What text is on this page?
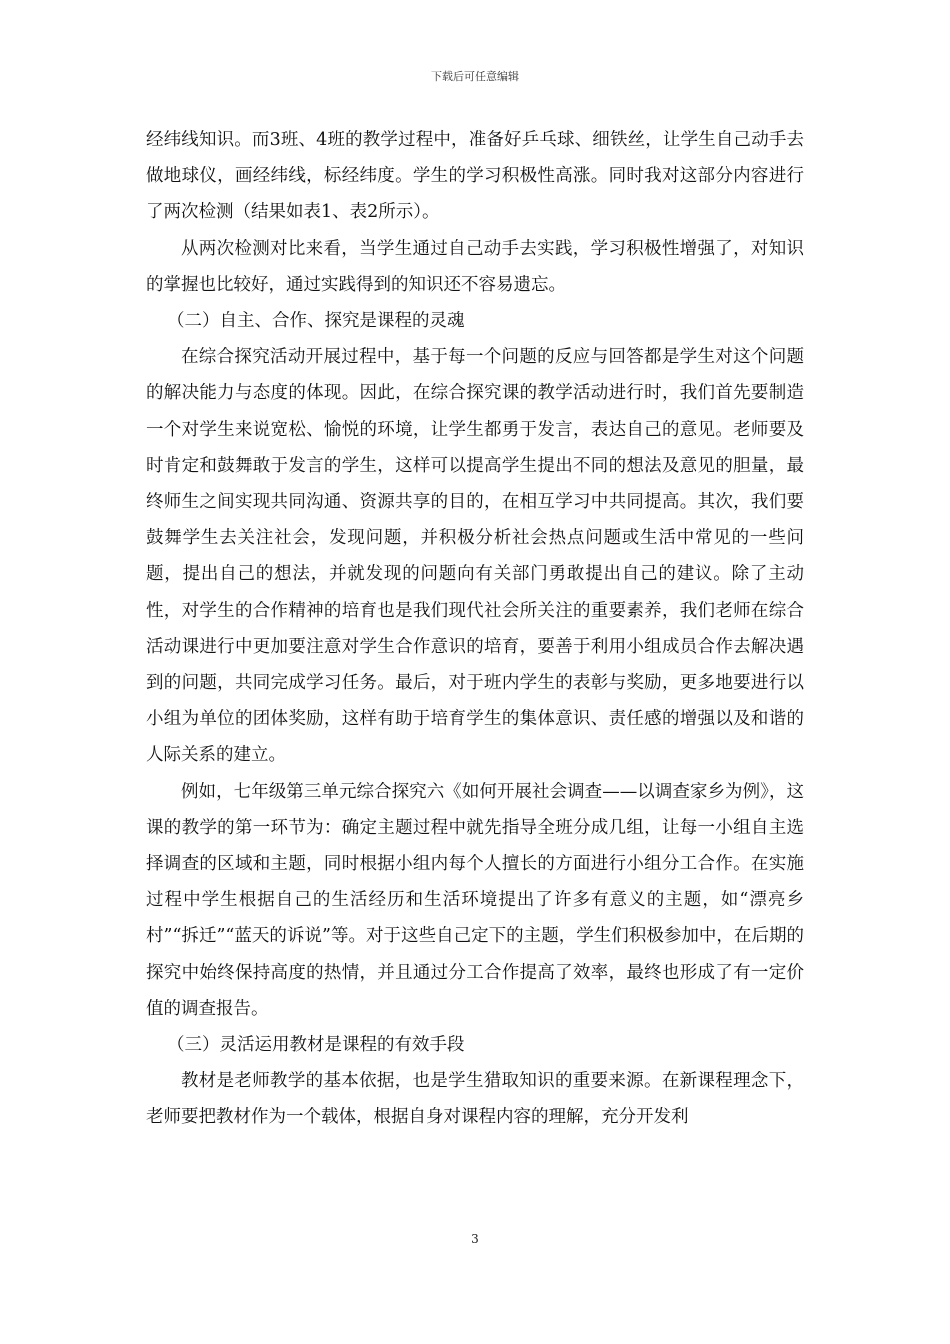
下载后可任意编辑

经纬线知识。而3班、4班的教学过程中，准备好乒乓球、细铁丝，让学生自己动手去做地球仪，画经纬线，标经纬度。学生的学习积极性高涨。同时我对这部分内容进行了两次检测（结果如表1、表2所示）。

从两次检测对比来看，当学生通过自己动手去实践，学习积极性增强了，对知识的掌握也比较好，通过实践得到的知识还不容易遗忘。

（二）自主、合作、探究是课程的灵魂

在综合探究活动开展过程中，基于每一个问题的反应与回答都是学生对这个问题的解决能力与态度的体现。因此，在综合探究课的教学活动进行时，我们首先要制造一个对学生来说宽松、愉悦的环境，让学生都勇于发言，表达自己的意见。老师要及时肯定和鼓舞敢于发言的学生，这样可以提高学生提出不同的想法及意见的胆量，最终师生之间实现共同沟通、资源共享的目的，在相互学习中共同提高。其次，我们要鼓舞学生去关注社会，发现问题，并积极分析社会热点问题或生活中常见的一些问题，提出自己的想法，并就发现的问题向有关部门勇敢提出自己的建议。除了主动性，对学生的合作精神的培育也是我们现代社会所关注的重要素养，我们老师在综合活动课进行中更加要注意对学生合作意识的培育，要善于利用小组成员合作去解决遇到的问题，共同完成学习任务。最后，对于班内学生的表彰与奖励，更多地要进行以小组为单位的团体奖励，这样有助于培育学生的集体意识、责任感的增强以及和谐的人际关系的建立。

例如，七年级第三单元综合探究六《如何开展社会调查——以调查家乡为例》，这课的教学的第一环节为：确定主题过程中就先指导全班分成几组，让每一小组自主选择调查的区域和主题，同时根据小组内每个人擅长的方面进行小组分工合作。在实施过程中学生根据自己的生活经历和生活环境提出了许多有意义的主题，如“漂亮乡村”“拆迁”“蓝天的诉说”等。对于这些自己定下的主题，学生们积极参加中，在后期的探究中始终保持高度的热情，并且通过分工合作提高了效率，最终也形成了有一定价值的调查报告。

（三）灵活运用教材是课程的有效手段

教材是老师教学的基本依据，也是学生猎取知识的重要来源。在新课程理念下，老师要把教材作为一个载体，根据自身对课程内容的理解，充分开发利

3
